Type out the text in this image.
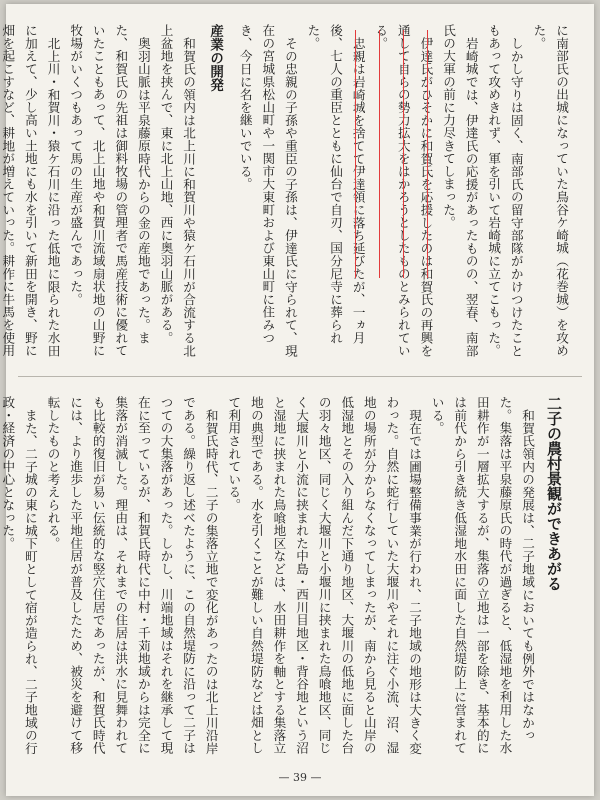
に南部氏の出城になっていた鳥谷ケ崎城（花巻城）を攻めた。

しかし守りは固く、南部氏の留守部隊がかけつけたこともあって攻めきれず、軍を引いて岩崎城に立てこもった。

岩崎城では、伊達氏の応援があったものの、翌春、南部氏の大軍の前に力尽きてしまった。

伊達氏がひそかに和賀氏を応援したのは和賀氏の再興を通して自らの勢力拡大をはかろうとしたものとみられている。

忠親は岩崎城を捨てて伊達領に落ち延びたが、一ヵ月後、七人の重臣とともに仙台で自刃、国分尼寺に葬られた。

その忠親の子孫や重臣の子孫は、伊達氏に守られて、現在の宮城県松山町や一関市大東町および東山町に住みつき、今日に名を継いでいる。

産業の開発

和賀氏の領内は北上川に和賀川や猿ケ石川が合流する北上盆地を挟んで、東に北上山地、西に奥羽山脈がある。

奥羽山脈は平泉藤原時代からの金の産地であった。また、和賀氏の先祖は御料牧場の管理者で馬産技術に優れていたこともあって、北上山地や和賀川流域扇状地の山野に牧場がいくつもあって馬の生産が盛んであった。

北上川・和賀川・猿ケ石川に沿った低地に限られた水田に加えて、少し高い土地にも水を引いて新田を開き、野に畑を起こすなど、耕地が増えていった。耕作に牛馬を使用

二子の農村景観ができあがる

和賀氏領内の発展は、二子地域においても例外ではなかった。集落は平泉藤原氏の時代が過ぎると、低湿地を利用した水田耕作が一層拡大するが、集落の立地は一部を除き、基本的には前代から引き続き低湿地水田に面した自然堤防上に営まれている。

現在では圃場整備事業が行われ、二子地域の地形は大きく変わった。自然に蛇行していた大堰川やそれに注ぐ小流、沼、湿地の場所が分からなくなってしまったが、南から見ると山岸の低湿地とその入り組んだ下通り地区、大堰川の低地に面した台の羽々地区、同じく大堰川と小堰川に挟まれた鳥喰地区、同じく大堰川と小流に挟まれた中島・西川目地区・背谷地という沼と湿地に挟まれた鳥喰地区などは、水田耕作を軸とする集落立地の典型である。水を引くことが難しい自然堤防などは畑として利用されている。

和賀氏時代、二子の集落立地で変化があったのは北上川沿岸である。繰り返し述べたように、この自然堤防に沿って二子はつての大集落があった。しかし、川端地域はそれを継承して現在に至っているが、和賀氏時代に中村・千苅地域からは完全に集落が消滅した。理由は、それまでの住居は洪水に見舞われても比較的復旧が易い伝統的な竪穴住居であったが、和賀氏時代には、より進歩した平地住居が普及したため、被災を避けて移転したものと考えられる。

また、二子城の東に城下町として宿が造られ、二子地域の行政・経済の中心となった。

— 39 —
